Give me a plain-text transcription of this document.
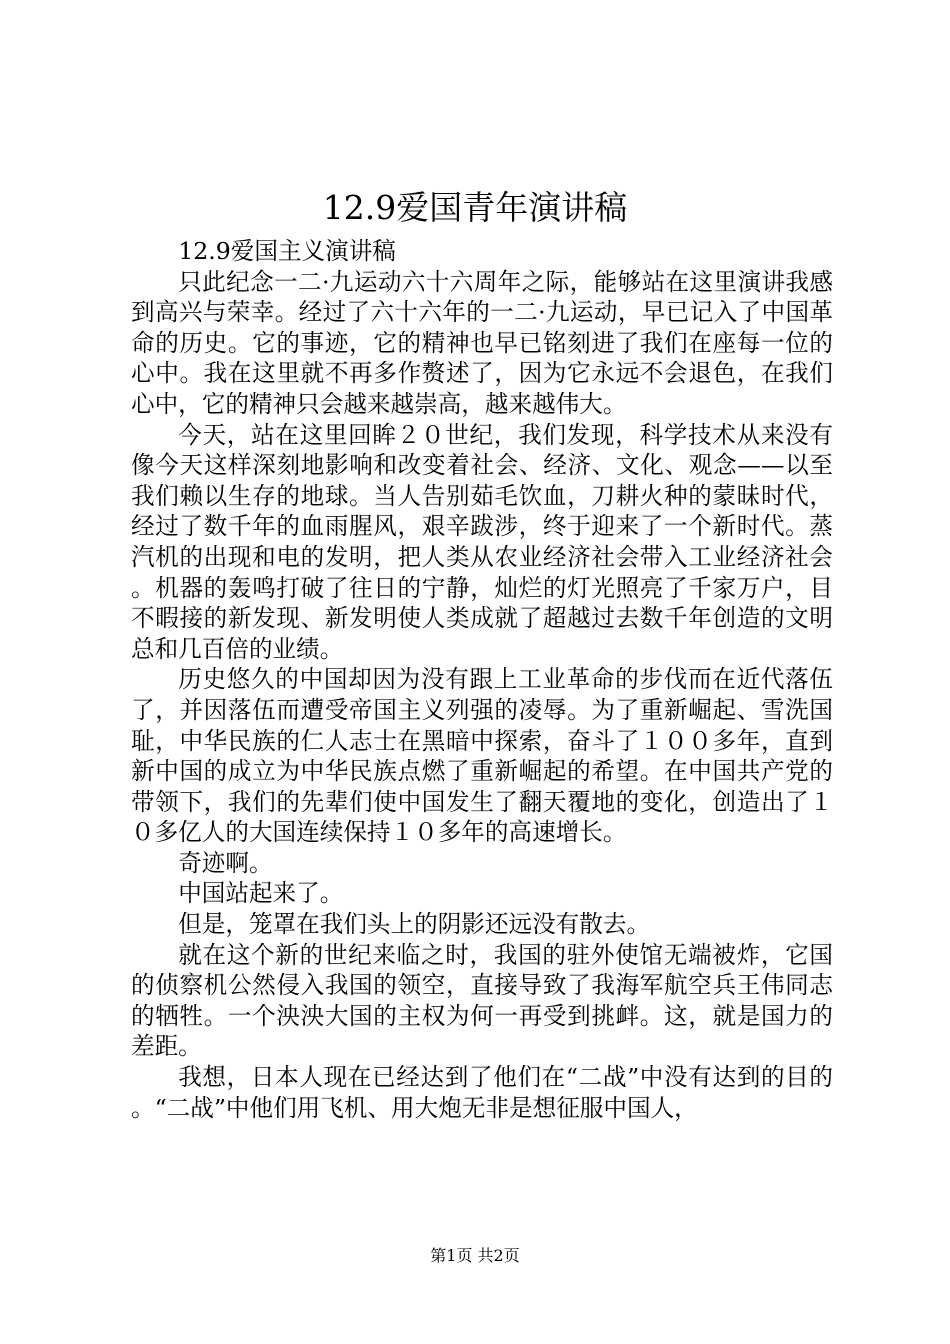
12.9爱国青年演讲稿

12.9爱国主义演讲稿

只此纪念一二·九运动六十六周年之际，能够站在这里演讲我感到高兴与荣幸。经过了六十六年的一二·九运动，早已记入了中国革命的历史。它的事迹，它的精神也早已铭刻进了我们在座每一位的心中。我在这里就不再多作赘述了，因为它永远不会退色，在我们心中，它的精神只会越来越崇高，越来越伟大。

今天，站在这里回眸２０世纪，我们发现，科学技术从来没有像今天这样深刻地影响和改变着社会、经济、文化、观念——以至我们赖以生存的地球。当人告别茹毛饮血，刀耕火种的蒙昧时代，经过了数千年的血雨腥风，艰辛跋涉，终于迎来了一个新时代。蒸汽机的出现和电的发明，把人类从农业经济社会带入工业经济社会。机器的轰鸣打破了往日的宁静，灿烂的灯光照亮了千家万户，目不暇接的新发现、新发明使人类成就了超越过去数千年创造的文明总和几百倍的业绩。

历史悠久的中国却因为没有跟上工业革命的步伐而在近代落伍了，并因落伍而遭受帝国主义列强的凌辱。为了重新崛起、雪洗国耻，中华民族的仁人志士在黑暗中探索，奋斗了１００多年，直到新中国的成立为中华民族点燃了重新崛起的希望。在中国共产党的带领下，我们的先辈们使中国发生了翻天覆地的变化，创造出了１０多亿人的大国连续保持１０多年的高速增长。

奇迹啊。

中国站起来了。

但是，笼罩在我们头上的阴影还远没有散去。

就在这个新的世纪来临之时，我国的驻外使馆无端被炸，它国的侦察机公然侵入我国的领空，直接导致了我海军航空兵王伟同志的牺牲。一个泱泱大国的主权为何一再受到挑衅。这，就是国力的差距。

我想，日本人现在已经达到了他们在“二战”中没有达到的目的。“二战”中他们用飞机、用大炮无非是想征服中国人，

第1页 共2页
